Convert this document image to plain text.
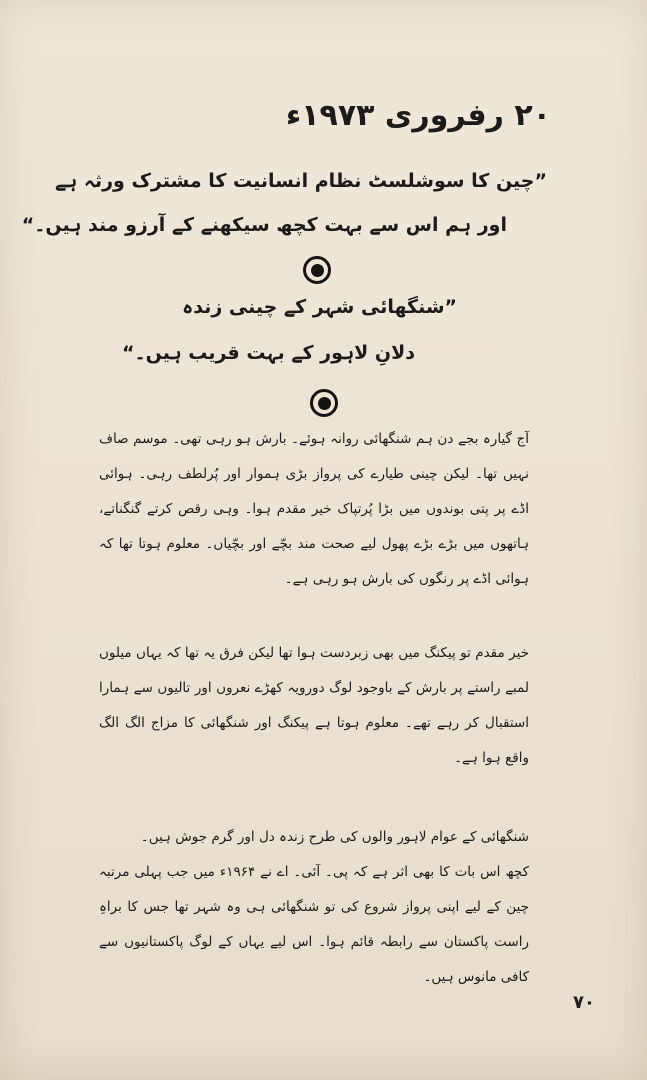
۲۰ رفروری ۱۹۷۳ء
”چین کا سوشلسٹ نظام انسانیت کا مشترک ورثہ ہے
اور ہم اس سے بہت کچھ سیکھنے کے آرزو مند ہیں۔“
”شنگھائی شہر کے چینی زندہ
دلانِ لاہور کے بہت قریب ہیں۔“

آج گیارہ بجے دن ہم شنگھائی روانہ ہوئے۔ بارش ہو رہی تھی۔ موسم صاف نہیں تھا۔ لیکن چینی طیارے کی پرواز بڑی ہموار اور پُرلطف رہی۔ ہوائی اڈے پر پتی بوندوں میں بڑا پُرتپاک خیر مقدم ہوا۔ وہی رقص کرتے گنگناتے، ہاتھوں میں بڑے بڑے پھول لیے صحت مند بچّے اور بچّیاں۔ معلوم ہوتا تھا کہ ہوائی اڈے پر رنگوں کی بارش ہو رہی ہے۔

خیر مقدم تو پیکنگ میں بھی زبردست ہوا تھا لیکن فرق یہ تھا کہ یہاں میلوں لمبے راستے پر بارش کے باوجود لوگ دورویہ کھڑے نعروں اور تالیوں سے ہمارا استقبال کر رہے تھے۔ معلوم ہوتا ہے پیکنگ اور شنگھائی کا مزاج الگ الگ واقع ہوا ہے۔

شنگھائی کے عوام لاہور والوں کی طرح زندہ دل اور گرم جوش ہیں۔

کچھ اس بات کا بھی اثر ہے کہ پی۔ آئی۔ اے نے ۱۹۶۴ء میں جب پہلی مرتبہ چین کے لیے اپنی پرواز شروع کی تو شنگھائی ہی وہ شہر تھا جس کا براہِ راست پاکستان سے رابطہ قائم ہوا۔ اس لیے یہاں کے لوگ پاکستانیوں سے کافی مانوس ہیں۔

۷۰
